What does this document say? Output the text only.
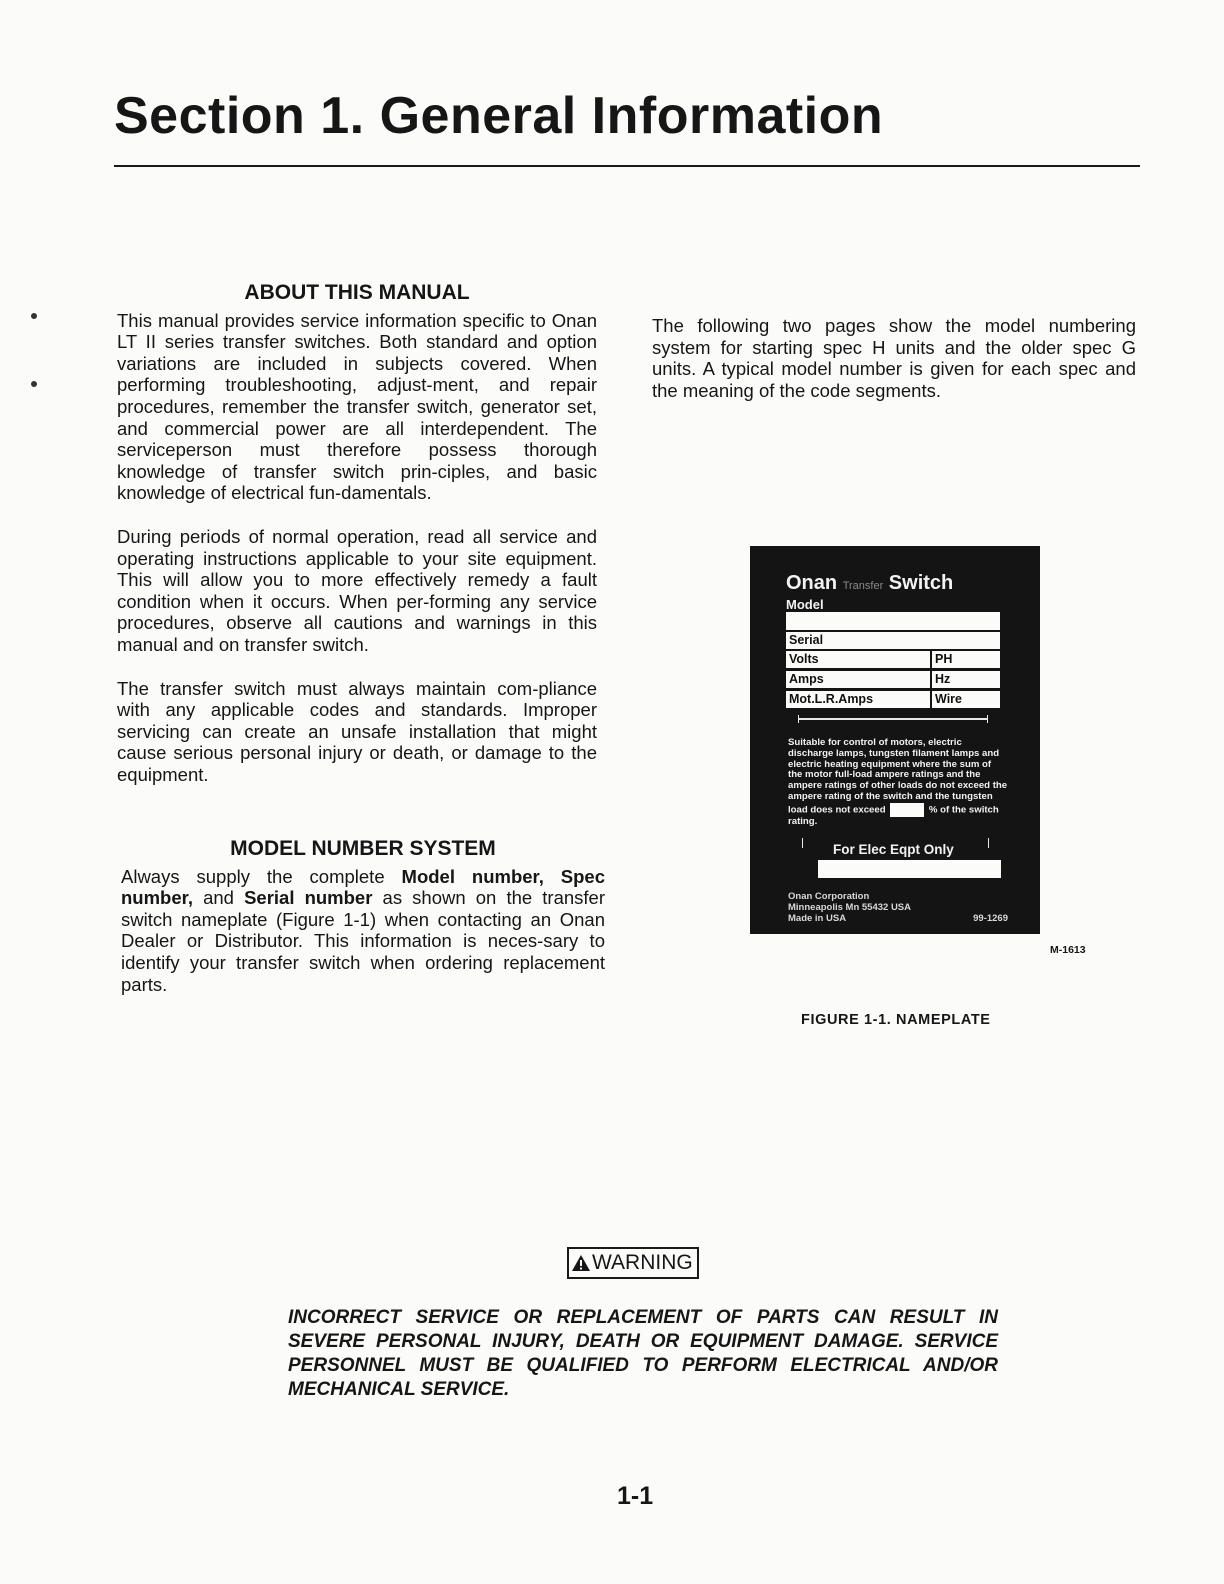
Section 1. General Information
ABOUT THIS MANUAL

This manual provides service information specific to Onan LT II series transfer switches. Both standard and option variations are included in subjects covered. When performing troubleshooting, adjust-ment, and repair procedures, remember the transfer switch, generator set, and commercial power are all interdependent. The serviceperson must therefore possess thorough knowledge of transfer switch prin-ciples, and basic knowledge of electrical fun-damentals.

During periods of normal operation, read all service and operating instructions applicable to your site equipment. This will allow you to more effectively remedy a fault condition when it occurs. When per-forming any service procedures, observe all cautions and warnings in this manual and on transfer switch.

The transfer switch must always maintain com-pliance with any applicable codes and standards. Improper servicing can create an unsafe installation that might cause serious personal injury or death, or damage to the equipment.

MODEL NUMBER SYSTEM

Always supply the complete Model number, Spec number, and Serial number as shown on the transfer switch nameplate (Figure 1-1) when contacting an Onan Dealer or Distributor. This information is neces-sary to identify your transfer switch when ordering replacement parts.

The following two pages show the model numbering system for starting spec H units and the older spec G units. A typical model number is given for each spec and the meaning of the code segments.

Onan Transfer Switch
Model
Serial
Volts	PH
Amps	Hz
Mot.L.R.Amps	Wire
Suitable for control of motors, electric discharge lamps, tungsten filament lamps and electric heating equipment where the sum of the motor full-load ampere ratings and the ampere ratings of other loads do not exceed the ampere rating of the switch and the tungsten load does not exceed	% of the switch rating.
For Elec Eqpt Only
Onan Corporation
Minneapolis Mn 55432 USA
Made in USA	99-1269
M-1613
FIGURE 1-1. NAMEPLATE
WARNING

INCORRECT SERVICE OR REPLACEMENT OF PARTS CAN RESULT IN SEVERE PERSONAL INJURY, DEATH OR EQUIPMENT DAMAGE. SERVICE PERSONNEL MUST BE QUALIFIED TO PERFORM ELECTRICAL AND/OR MECHANICAL SERVICE.

1-1
